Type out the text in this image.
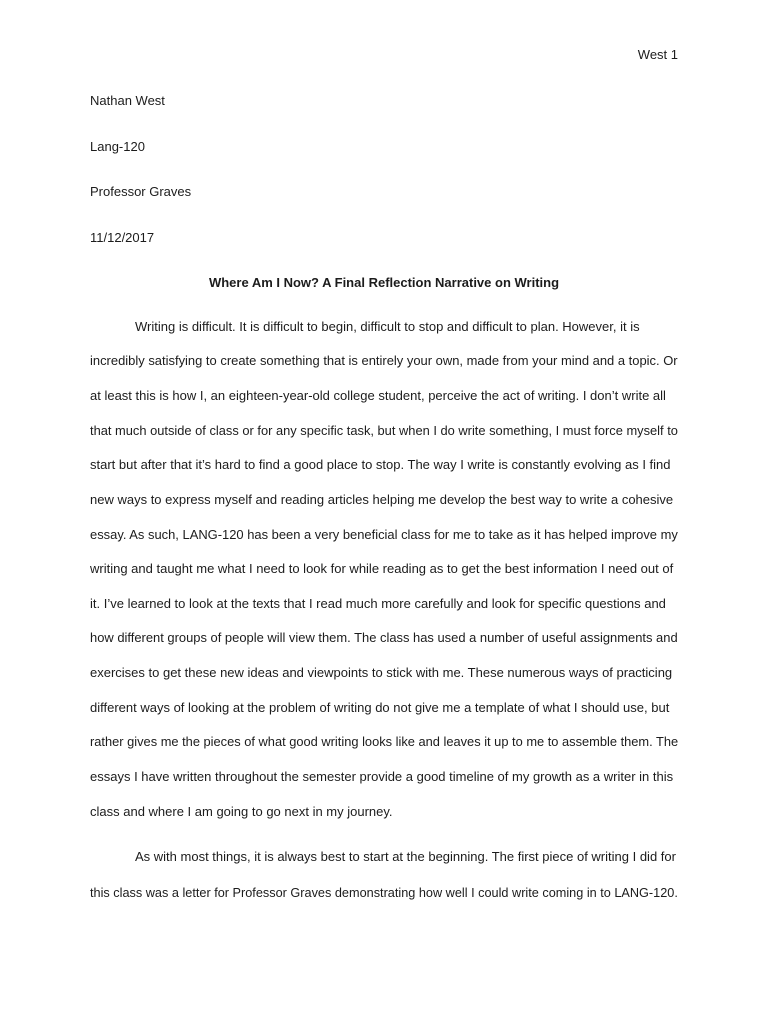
West 1
Nathan West
Lang-120
Professor Graves
11/12/2017
Where Am I Now? A Final Reflection Narrative on Writing
Writing is difficult. It is difficult to begin, difficult to stop and difficult to plan. However, it is
incredibly satisfying to create something that is entirely your own, made from your mind and a topic. Or
at least this is how I, an eighteen-year-old college student, perceive the act of writing. I don’t write all
that much outside of class or for any specific task, but when I do write something, I must force myself to
start but after that it’s hard to find a good place to stop. The way I write is constantly evolving as I find
new ways to express myself and reading articles helping me develop the best way to write a cohesive
essay. As such, LANG-120 has been a very beneficial class for me to take as it has helped improve my
writing and taught me what I need to look for while reading as to get the best information I need out of
it. I’ve learned to look at the texts that I read much more carefully and look for specific questions and
how different groups of people will view them. The class has used a number of useful assignments and
exercises to get these new ideas and viewpoints to stick with me. These numerous ways of practicing
different ways of looking at the problem of writing do not give me a template of what I should use, but
rather gives me the pieces of what good writing looks like and leaves it up to me to assemble them. The
essays I have written throughout the semester provide a good timeline of my growth as a writer in this
class and where I am going to go next in my journey.
As with most things, it is always best to start at the beginning. The first piece of writing I did for
this class was a letter for Professor Graves demonstrating how well I could write coming in to LANG-120.
